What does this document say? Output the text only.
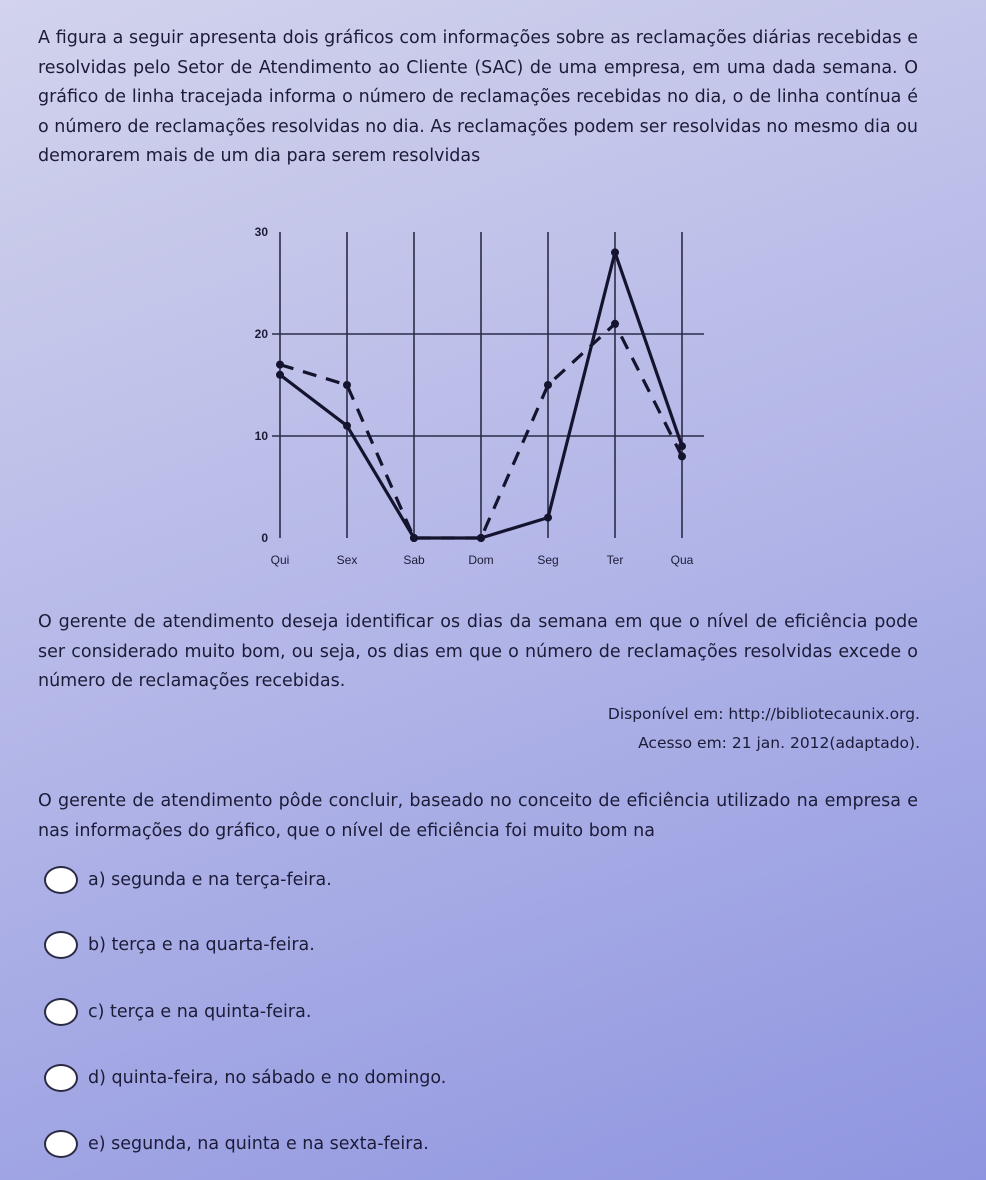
A figura a seguir apresenta dois gráficos com informações sobre as reclamações diárias recebidas e resolvidas pelo Setor de Atendimento ao Cliente (SAC) de uma empresa, em uma dada semana. O gráfico de linha tracejada informa o número de reclamações recebidas no dia, o de linha contínua é o número de reclamações resolvidas no dia. As reclamações podem ser resolvidas no mesmo dia ou demorarem mais de um dia para serem resolvidas
0
10
20
30
Qui	Sex	Sab	Dom	Seg	Ter	Qua
O gerente de atendimento deseja identificar os dias da semana em que o nível de eficiência pode ser considerado muito bom, ou seja, os dias em que o número de reclamações resolvidas excede o número de reclamações recebidas.
Disponível em: http://bibliotecaunix.org.
Acesso em: 21 jan. 2012(adaptado).
O gerente de atendimento pôde concluir, baseado no conceito de eficiência utilizado na empresa e nas informações do gráfico, que o nível de eficiência foi muito bom na
a) segunda e na terça-feira.
b) terça e na quarta-feira.
c) terça e na quinta-feira.
d) quinta-feira, no sábado e no domingo.
e) segunda, na quinta e na sexta-feira.
